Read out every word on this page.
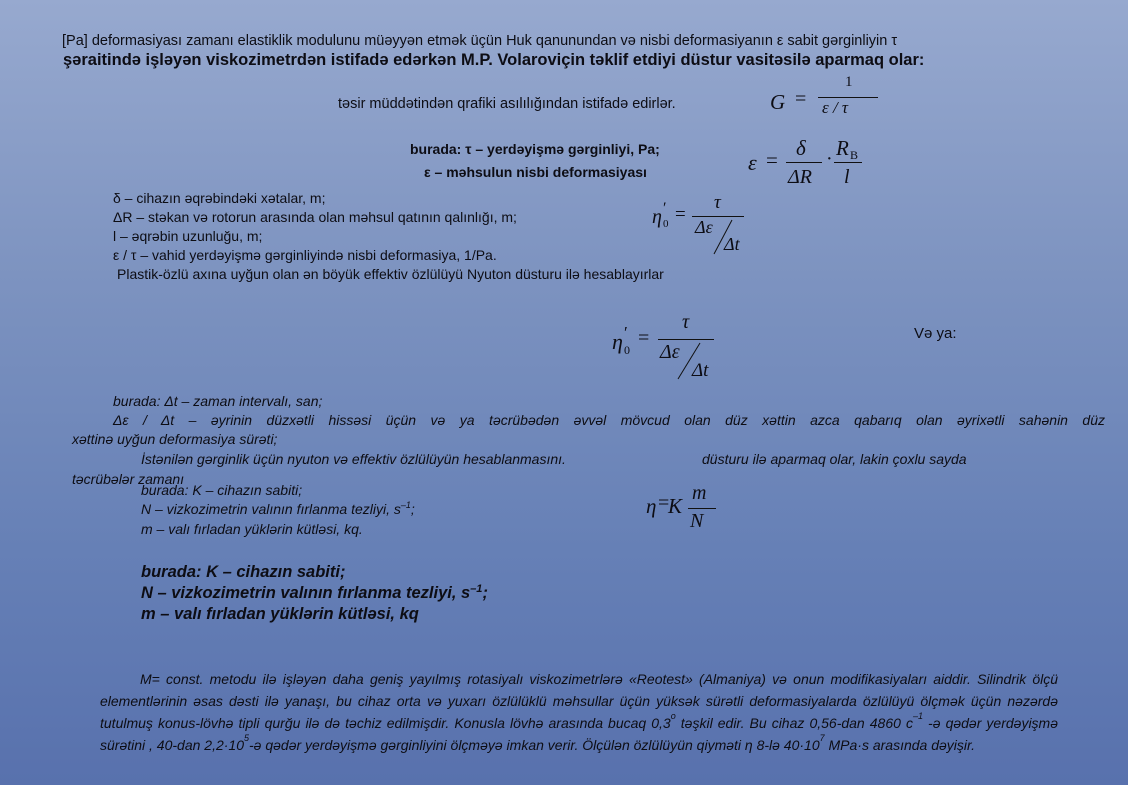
[Pa] deformasiyası zamanı elastiklik modulunu müəyyən etmək üçün Huk qanunundan və nisbi deformasiyanın ε sabit gərginliyin τ
şəraitində işləyən viskozimetrdən istifadə edərkən M.P. Volaroviçin təklif etdiyi düstur vasitəsilə aparmaq olar:
təsir müddətindən qrafiki asılılığından istifadə edirlər.	G =
1
ε / τ
burada: τ – yerdəyişmə gərginliyi, Pa;
ε – məhsulun nisbi deformasiyası	ε = δ
ΔR
· R B
l
δ – cihazın əqrəbindəki xətalar, m;
ΔR – stəkan və rotorun arasında olan məhsul qatının qalınlığı, m;
l – əqrəbin uzunluğu, m;
ε / τ – vahid yerdəyişmə gərginliyində nisbi deformasiya, 1/Pa.
Plastik-özlü axına uyğun olan ən böyük effektiv özlülüyü Nyuton düsturu ilə hesablayırlar
η ′
0 =
τ
Δε
Δt
η ′
0
=
τ
Δε
Δt
Və ya:
burada: Δt – zaman intervalı, san;
Δε / Δt – əyrinin düzxətli hissəsi üçün və ya təcrübədən əvvəl mövcud olan düz xəttin azca qabarıq olan əyrixətli sahənin düz
xəttinə uyğun deformasiya sürəti;
İstənilən gərginlik üçün nyuton və effektiv özlülüyün hesablanmasını.	düsturu ilə aparmaq olar, lakin çoxlu sayda
təcrübələr zamanı
burada: K – cihazın sabiti;
N – vizkozimetrin valının fırlanma tezliyi, $s^{-1}$;
m – valı fırladan yüklərin kütləsi, kq.
η =
K
m
N
burada: K – cihazın sabiti;
N – vizkozimetrin valının fırlanma tezliyi, $s^{-1}$;
m – valı fırladan yüklərin kütləsi, kq
M= const. metodu ilə işləyən daha geniş yayılmış rotasiyalı viskozimetrlərə «Reotest» (Almaniya) və onun modifikasiyaları aiddir. Silindrik ölçü elementlərinin əsas dəsti ilə yanaşı, bu cihaz orta və yuxarı özlülüklü məhsullar üçün yüksək sürətli deformasiyalarda özlülüyü ölçmək üçün nəzərdə tutulmuş konus-lövhə tipli qurğu ilə də təchiz edilmişdir. Konusla lövhə arasında bucaq 0,3$^o$ təşkil edir. Bu cihaz 0,56-dan 4860 $с^{-1}$ -ə qədər yerdəyişmə sürətini , 40-dan $2,2\cdot 10^5-ə$ qədər yerdəyişmə gərginliyini ölçməyə imkan verir. Ölçülən özlülüyün qiyməti η 8-lə $40\cdot 10^7$ MPa·s arasında dəyişir.
